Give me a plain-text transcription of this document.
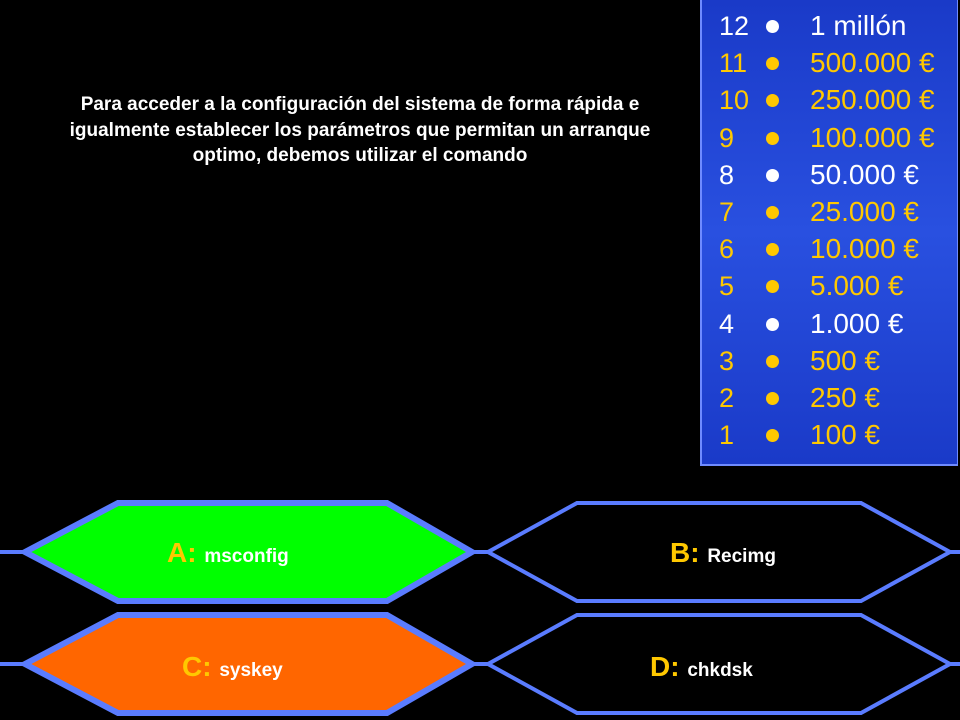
Para acceder a la configuración del sistema de forma rápida e igualmente establecer los parámetros que permitan un arranque optimo, debemos utilizar el comando

12 1 millón
11 500.000 €
10 250.000 €
9	100.000 €
8	50.000 €
7	25.000 €
6	10.000 €
5	5.000 €
4	1.000 €
3	500 €
2	250 €
1	100 €
A: msconfig	B: Recimg
C: syskey	D: chkdsk
